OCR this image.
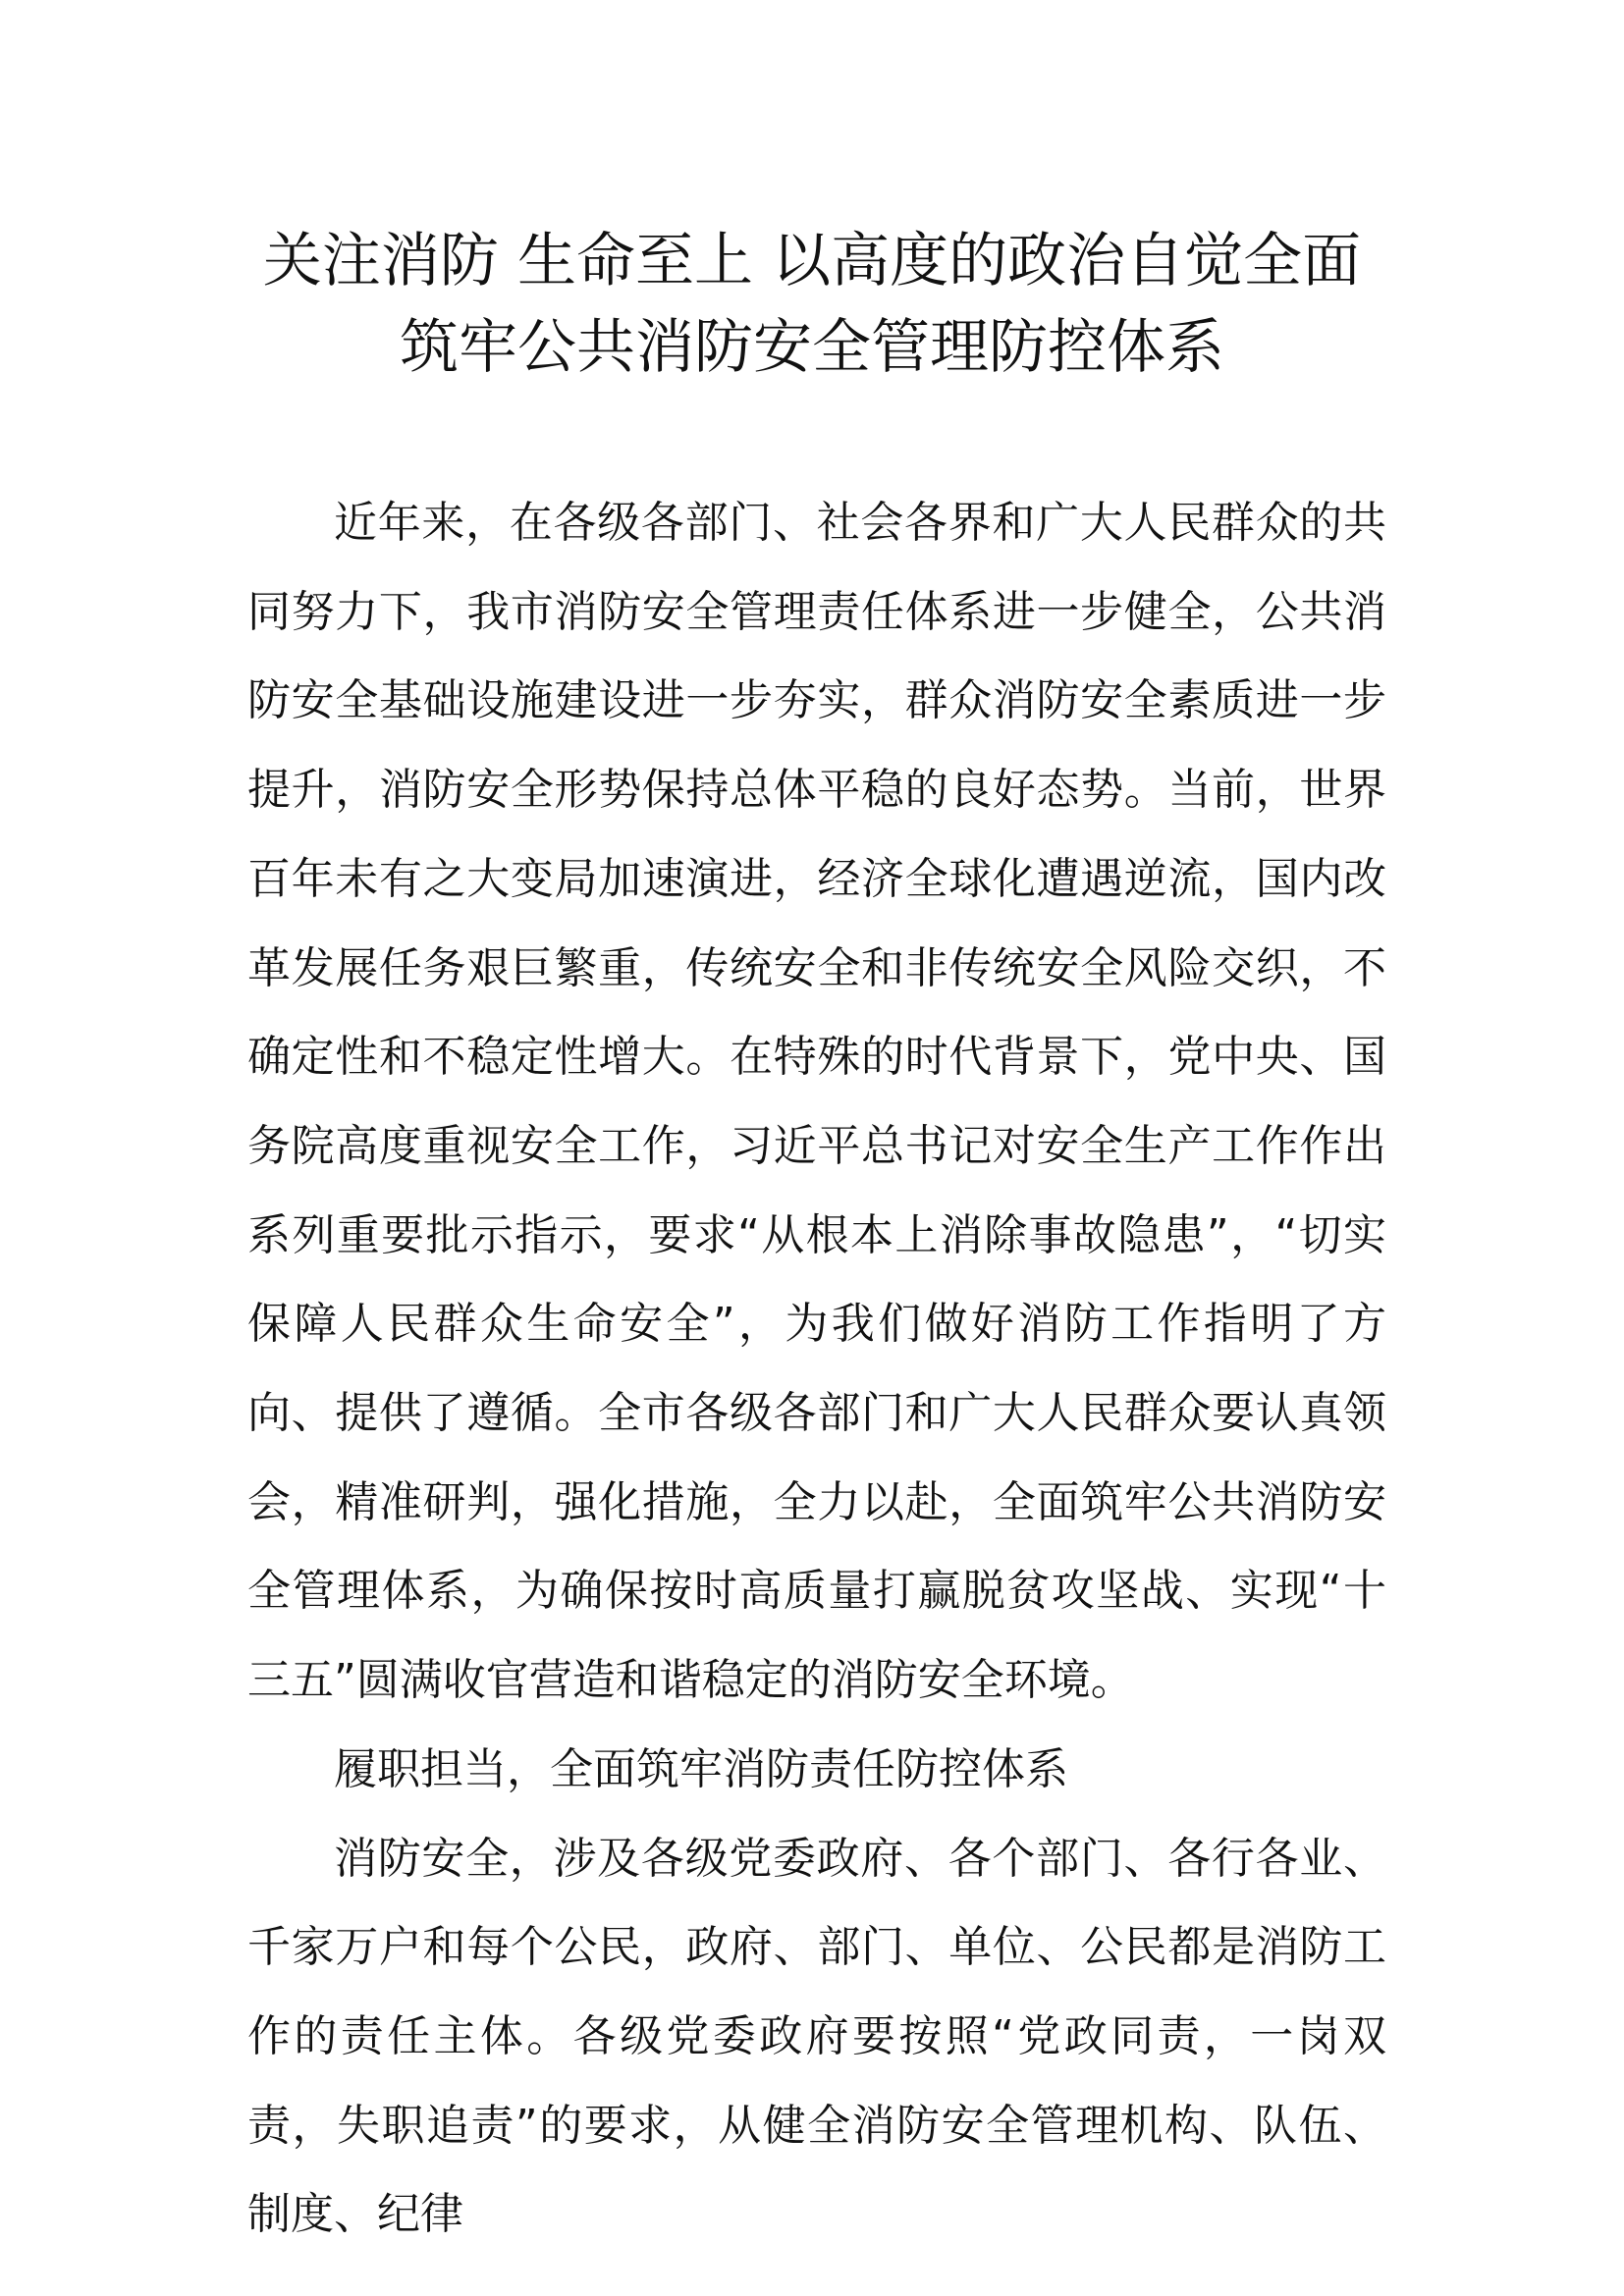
关注消防 生命至上 以高度的政治自觉全面
筑牢公共消防安全管理防控体系

近年来，在各级各部门、社会各界和广大人民群众的共同努力下，我市消防安全管理责任体系进一步健全，公共消防安全基础设施建设进一步夯实，群众消防安全素质进一步提升，消防安全形势保持总体平稳的良好态势。当前，世界百年未有之大变局加速演进，经济全球化遭遇逆流，国内改革发展任务艰巨繁重，传统安全和非传统安全风险交织，不确定性和不稳定性增大。在特殊的时代背景下，党中央、国务院高度重视安全工作，习近平总书记对安全生产工作作出系列重要批示指示，要求“从根本上消除事故隐患”，“切实保障人民群众生命安全”，为我们做好消防工作指明了方向、提供了遵循。全市各级各部门和广大人民群众要认真领会，精准研判，强化措施，全力以赴，全面筑牢公共消防安全管理体系，为确保按时高质量打赢脱贫攻坚战、实现“十三五”圆满收官营造和谐稳定的消防安全环境。

履职担当，全面筑牢消防责任防控体系

消防安全，涉及各级党委政府、各个部门、各行各业、千家万户和每个公民，政府、部门、单位、公民都是消防工作的责任主体。各级党委政府要按照“党政同责，一岗双责，失职追责”的要求，从健全消防安全管理机构、队伍、制度、纪律
